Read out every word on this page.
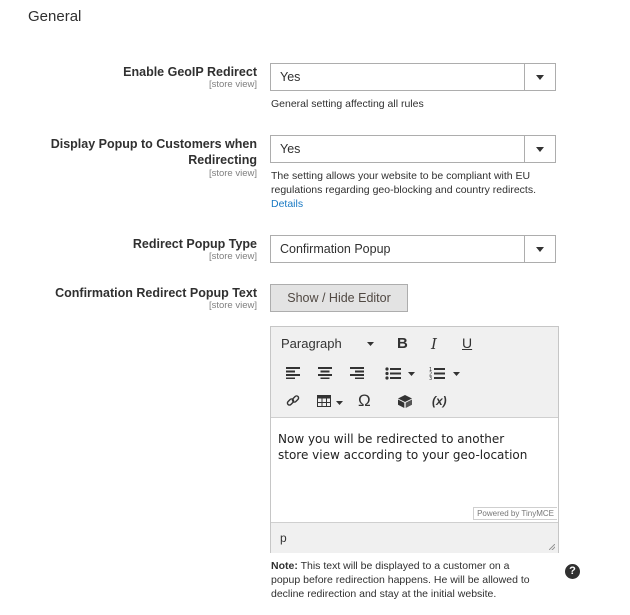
General
Enable GeoIP Redirect
[store view]
Yes
General setting affecting all rules
Display Popup to Customers when
Redirecting
[store view]
Yes
The setting allows your website to be compliant with EU
regulations regarding geo-blocking and country redirects.
Details
Redirect Popup Type
[store view]
Confirmation Popup
Confirmation Redirect Popup Text
[store view]
Show / Hide Editor
Paragraph	B I U
1
2
3
Ω	(x)
Now you will be redirected to another
store view according to your geo-location
Powered by TinyMCE
p
Note: This text will be displayed to a customer on a
popup before redirection happens. He will be allowed to
decline redirection and stay at the initial website.
?
